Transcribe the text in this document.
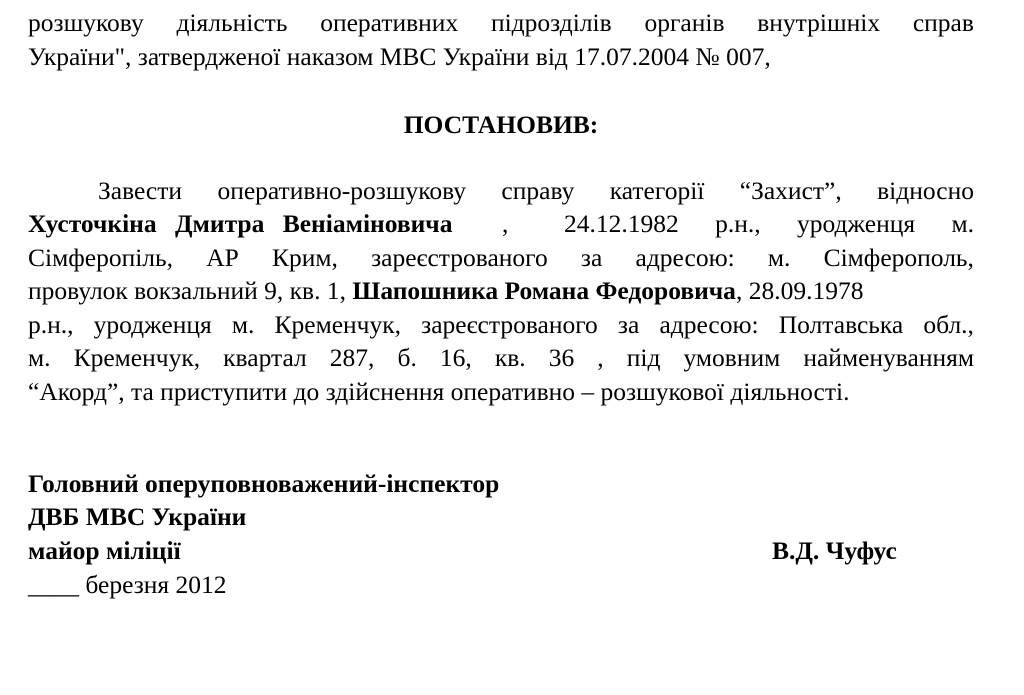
розшукову діяльність оперативних підрозділів органів внутрішніх справ
України", затвердженої наказом МВС України від 17.07.2004 № 007,
ПОСТАНОВИВ:
Завести оперативно-розшукову справу категорії “Захист”, відносно
Хусточкіна Дмитра Веніаміновича , 24.12.1982 р.н., уродженця м.
Сімферопіль, АР Крим, зареєстрованого за адресою: м. Сімферополь,
провулок вокзальний 9, кв. 1, Шапошника Романа Федоровича, 28.09.1978
р.н., уродженця м. Кременчук, зареєстрованого за адресою: Полтавська обл.,
м. Кременчук, квартал 287, б. 16, кв. 36 , під умовним найменуванням
“Акорд”, та приступити до здійснення оперативно – розшукової діяльності.
Головний оперуповноважений-інспектор
ДВБ МВС України
майор міліції	В.Д. Чуфус
____ березня 2012
